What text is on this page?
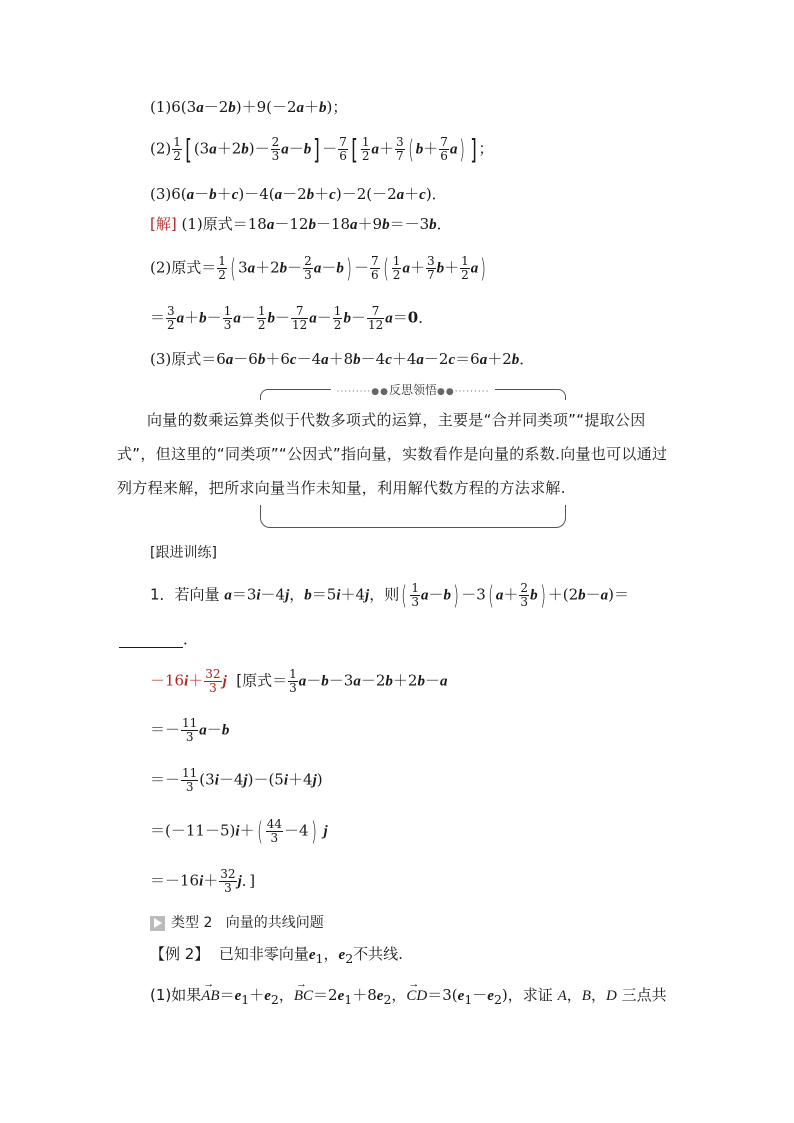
(1)6(3a－2b)＋9(－2a＋b)；
$(2) \frac{1}{2}$ [ $(3a+2b)- \frac{2}{3} a-b] - \frac{7}{6}$ [ $\frac{1}{2} a+ \frac{3}{7}$ ( $b+ \frac{7}{6} a$) ] ；
(3)6(a－b＋c)－4(a－2b＋c)－2(－2a＋c)．
[解] (1)原式＝18a－12b－18a＋9b＝－3b．
(2)原式＝ $\frac{1}{2}$ ( $3a+2b- \frac{2}{3} a-b) - \frac{7}{6}$ ( $\frac{1}{2} a+ \frac{3}{7} b+ \frac{1}{2} a$)
＝ $\frac{3}{2} a+b- \frac{1}{3} a- \frac{1}{2} b- \frac{7}{12} a- \frac{1}{2} b- \frac{7}{12} a=0$．
(3)原式＝6a－6b＋6c－4a＋8b－4c＋4a－2c＝6a＋2b．
·········●●反思领悟●●·········
向量的数乘运算类似于代数多项式的运算，主要是“合并同类项”“提取公因式”，但这里的“同类项”“公因式”指向量，实数看作是向量的系数.向量也可以通过列方程来解，把所求向量当作未知量，利用解代数方程的方法求解.
[跟进训练]
1．若向量 a＝3i－4j，b＝5i＋4j，则( $\frac{1}{3} a-b) -3$( $a+ \frac{2}{3} b) +(2b-a)=$
．
$-16i+ \frac{32}{3}$ j [原式＝ $\frac{1}{3} a-b-3a-2b+2b-a$
＝－ $\frac{11}{3} a-b$
＝－ $\frac{11}{3} (3i-4j)-(5i+4j)$
$=(-11-5)i+( \frac{44}{3} -4)$ j
$=-16i+ \frac{32}{3}$ j．]
类型 2 向量的共线问题
【例 2】 已知非零向量$e_1$，$e_2$不共线.
(1)如果→ $AB=e_1+e_2$，→ $BC=2e_1+8e_2$，→ $CD=3(e_1-e_2)$，求证 A，B，D 三点共
